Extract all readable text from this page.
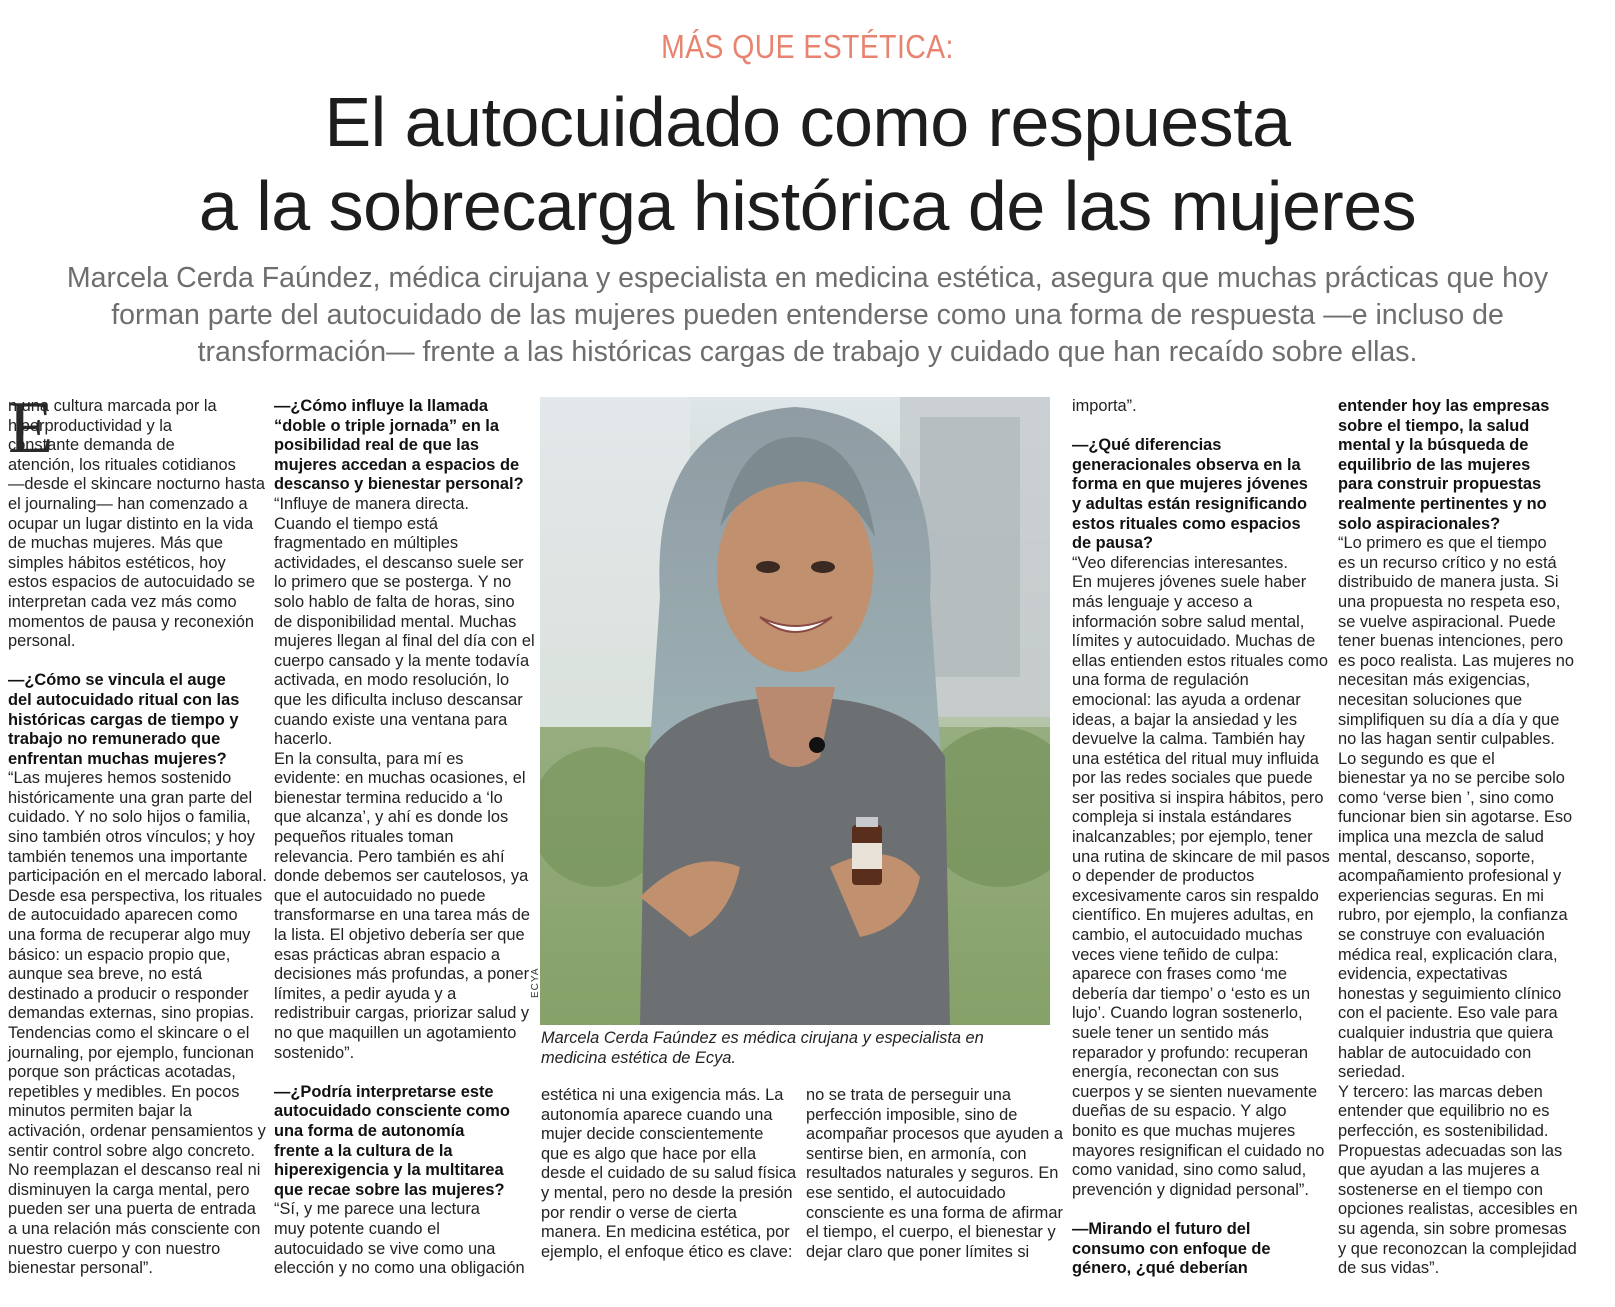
MÁS QUE ESTÉTICA:
El autocuidado como respuesta
a la sobrecarga histórica de las mujeres
Marcela Cerda Faúndez, médica cirujana y especialista en medicina estética, asegura que muchas prácticas que hoy
forman parte del autocuidado de las mujeres pueden entenderse como una forma de respuesta —e incluso de
transformación— frente a las históricas cargas de trabajo y cuidado que han recaído sobre ellas.
E
n una cultura marcada por la
hiperproductividad y la
constante demanda de
atención, los rituales cotidianos
—desde el skincare nocturno hasta
el journaling— han comenzado a
ocupar un lugar distinto en la vida
de muchas mujeres. Más que
simples hábitos estéticos, hoy
estos espacios de autocuidado se
interpretan cada vez más como
momentos de pausa y reconexión
personal.
—¿Cómo se vincula el auge
del autocuidado ritual con las
históricas cargas de tiempo y
trabajo no remunerado que
enfrentan muchas mujeres?
“Las mujeres hemos sostenido
históricamente una gran parte del
cuidado. Y no solo hijos o familia,
sino también otros vínculos; y hoy
también tenemos una importante
participación en el mercado laboral.
Desde esa perspectiva, los rituales
de autocuidado aparecen como
una forma de recuperar algo muy
básico: un espacio propio que,
aunque sea breve, no está
destinado a producir o responder
demandas externas, sino propias.
Tendencias como el skincare o el
journaling, por ejemplo, funcionan
porque son prácticas acotadas,
repetibles y medibles. En pocos
minutos permiten bajar la
activación, ordenar pensamientos y
sentir control sobre algo concreto.
No reemplazan el descanso real ni
disminuyen la carga mental, pero
pueden ser una puerta de entrada
a una relación más consciente con
nuestro cuerpo y con nuestro
bienestar personal”.
—¿Cómo influye la llamada
“doble o triple jornada” en la
posibilidad real de que las
mujeres accedan a espacios de
descanso y bienestar personal?
“Influye de manera directa.
Cuando el tiempo está
fragmentado en múltiples
actividades, el descanso suele ser
lo primero que se posterga. Y no
solo hablo de falta de horas, sino
de disponibilidad mental. Muchas
mujeres llegan al final del día con el
cuerpo cansado y la mente todavía
activada, en modo resolución, lo
que les dificulta incluso descansar
cuando existe una ventana para
hacerlo.
En la consulta, para mí es
evidente: en muchas ocasiones, el
bienestar termina reducido a ‘lo
que alcanza’, y ahí es donde los
pequeños rituales toman
relevancia. Pero también es ahí
donde debemos ser cautelosos, ya
que el autocuidado no puede
transformarse en una tarea más de
la lista. El objetivo debería ser que
esas prácticas abran espacio a
decisiones más profundas, a poner
límites, a pedir ayuda y a
redistribuir cargas, priorizar salud y
no que maquillen un agotamiento
sostenido”.
—¿Podría interpretarse este
autocuidado consciente como
una forma de autonomía
frente a la cultura de la
hiperexigencia y la multitarea
que recae sobre las mujeres?
“Sí, y me parece una lectura
muy potente cuando el
autocuidado se vive como una
elección y no como una obligación
ECYA
Marcela Cerda Faúndez es médica cirujana y especialista en
medicina estética de Ecya.
estética ni una exigencia más. La
autonomía aparece cuando una
mujer decide conscientemente
que es algo que hace por ella
desde el cuidado de su salud física
y mental, pero no desde la presión
por rendir o verse de cierta
manera. En medicina estética, por
ejemplo, el enfoque ético es clave:
no se trata de perseguir una
perfección imposible, sino de
acompañar procesos que ayuden a
sentirse bien, en armonía, con
resultados naturales y seguros. En
ese sentido, el autocuidado
consciente es una forma de afirmar
el tiempo, el cuerpo, el bienestar y
dejar claro que poner límites si
importa”.
—¿Qué diferencias
generacionales observa en la
forma en que mujeres jóvenes
y adultas están resignificando
estos rituales como espacios
de pausa?
“Veo diferencias interesantes.
En mujeres jóvenes suele haber
más lenguaje y acceso a
información sobre salud mental,
límites y autocuidado. Muchas de
ellas entienden estos rituales como
una forma de regulación
emocional: las ayuda a ordenar
ideas, a bajar la ansiedad y les
devuelve la calma. También hay
una estética del ritual muy influida
por las redes sociales que puede
ser positiva si inspira hábitos, pero
compleja si instala estándares
inalcanzables; por ejemplo, tener
una rutina de skincare de mil pasos
o depender de productos
excesivamente caros sin respaldo
científico. En mujeres adultas, en
cambio, el autocuidado muchas
veces viene teñido de culpa:
aparece con frases como ‘me
debería dar tiempo’ o ‘esto es un
lujo’. Cuando logran sostenerlo,
suele tener un sentido más
reparador y profundo: recuperan
energía, reconectan con sus
cuerpos y se sienten nuevamente
dueñas de su espacio. Y algo
bonito es que muchas mujeres
mayores resignifican el cuidado no
como vanidad, sino como salud,
prevención y dignidad personal”.
—Mirando el futuro del
consumo con enfoque de
género, ¿qué deberían
entender hoy las empresas
sobre el tiempo, la salud
mental y la búsqueda de
equilibrio de las mujeres
para construir propuestas
realmente pertinentes y no
solo aspiracionales?
“Lo primero es que el tiempo
es un recurso crítico y no está
distribuido de manera justa. Si
una propuesta no respeta eso,
se vuelve aspiracional. Puede
tener buenas intenciones, pero
es poco realista. Las mujeres no
necesitan más exigencias,
necesitan soluciones que
simplifiquen su día a día y que
no las hagan sentir culpables.
Lo segundo es que el
bienestar ya no se percibe solo
como ‘verse bien ’, sino como
funcionar bien sin agotarse. Eso
implica una mezcla de salud
mental, descanso, soporte,
acompañamiento profesional y
experiencias seguras. En mi
rubro, por ejemplo, la confianza
se construye con evaluación
médica real, explicación clara,
evidencia, expectativas
honestas y seguimiento clínico
con el paciente. Eso vale para
cualquier industria que quiera
hablar de autocuidado con
seriedad.
Y tercero: las marcas deben
entender que equilibrio no es
perfección, es sostenibilidad.
Propuestas adecuadas son las
que ayudan a las mujeres a
sostenerse en el tiempo con
opciones realistas, accesibles en
su agenda, sin sobre promesas
y que reconozcan la complejidad
de sus vidas”.
